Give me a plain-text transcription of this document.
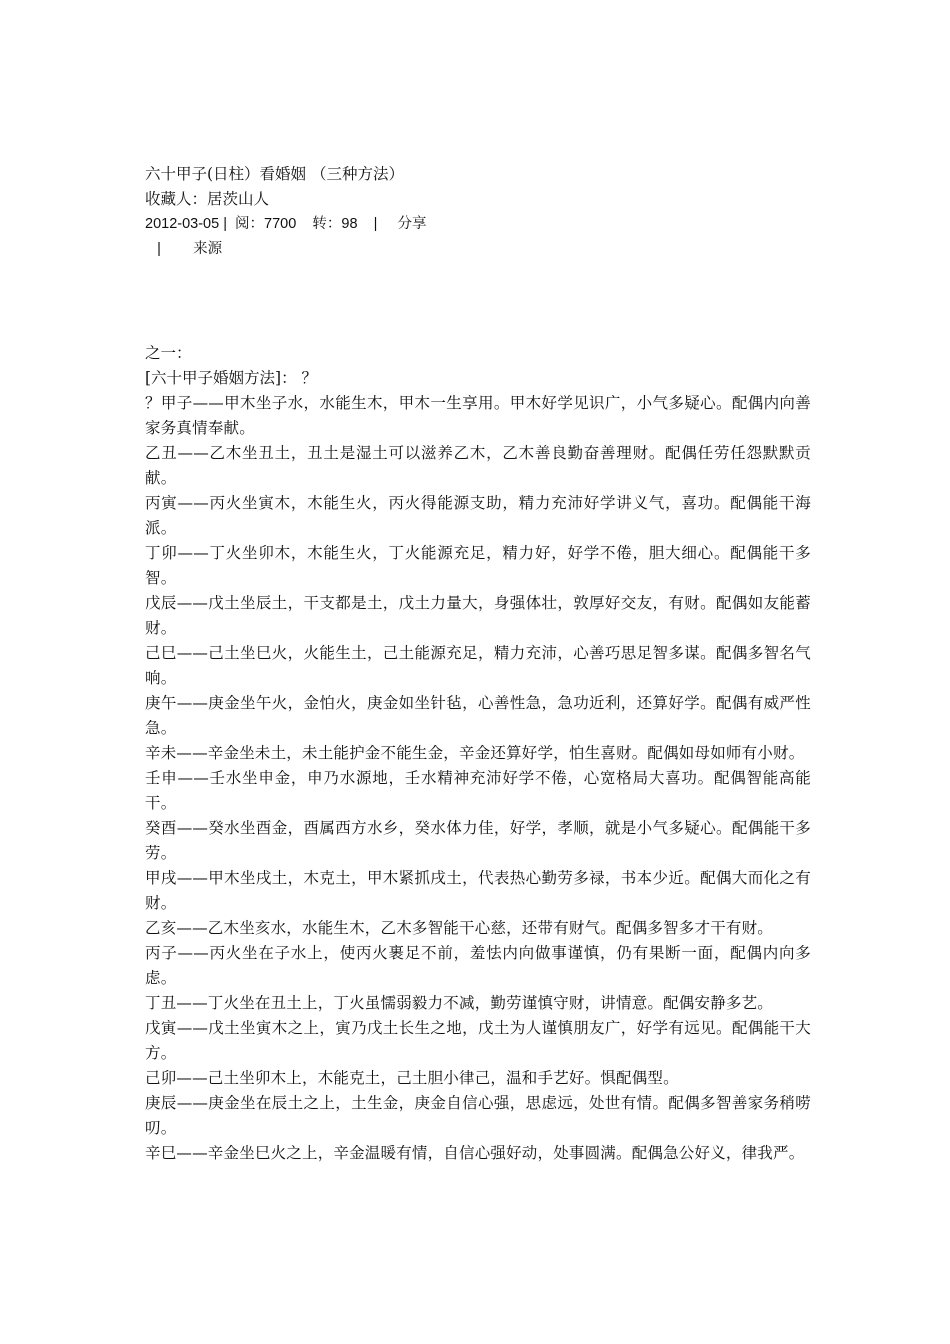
六十甲子(日柱）看婚姻 （三种方法）
收藏人：居茨山人
2012-03-05 |  阅：7700    转：98    |     分享
|        来源
之一：
[六十甲子婚姻方法]： ？

？甲子——甲木坐子水，水能生木，甲木一生享用。甲木好学见识广，小气多疑心。配偶内向善家务真情奉献。

乙丑——乙木坐丑土，丑土是湿土可以滋养乙木，乙木善良勤奋善理财。配偶任劳任怨默默贡献。

丙寅——丙火坐寅木，木能生火，丙火得能源支助，精力充沛好学讲义气，喜功。配偶能干海派。

丁卯——丁火坐卯木，木能生火，丁火能源充足，精力好，好学不倦，胆大细心。配偶能干多智。

戊辰——戊土坐辰土，干支都是土，戊土力量大，身强体壮，敦厚好交友，有财。配偶如友能蓄财。

己巳——己土坐巳火，火能生土，己土能源充足，精力充沛，心善巧思足智多谋。配偶多智名气响。

庚午——庚金坐午火，金怕火，庚金如坐针毡，心善性急，急功近利，还算好学。配偶有威严性急。

辛未——辛金坐未土，未土能护金不能生金，辛金还算好学，怕生喜财。配偶如母如师有小财。

壬申——壬水坐申金，申乃水源地，壬水精神充沛好学不倦，心宽格局大喜功。配偶智能高能干。

癸酉——癸水坐酉金，酉属西方水乡，癸水体力佳，好学，孝顺，就是小气多疑心。配偶能干多劳。

甲戌——甲木坐戌土，木克土，甲木紧抓戌土，代表热心勤劳多禄，书本少近。配偶大而化之有财。

乙亥——乙木坐亥水，水能生木，乙木多智能干心慈，还带有财气。配偶多智多才干有财。

丙子——丙火坐在子水上，使丙火裹足不前，羞怯内向做事谨慎，仍有果断一面，配偶内向多虑。

丁丑——丁火坐在丑土上，丁火虽懦弱毅力不减，勤劳谨慎守财，讲情意。配偶安静多艺。

戊寅——戊土坐寅木之上，寅乃戊土长生之地，戊土为人谨慎朋友广，好学有远见。配偶能干大方。

己卯——己土坐卯木上，木能克土，己土胆小律己，温和手艺好。惧配偶型。

庚辰——庚金坐在辰土之上，土生金，庚金自信心强，思虑远，处世有情。配偶多智善家务稍唠叨。

辛巳——辛金坐巳火之上，辛金温暖有情，自信心强好动，处事圆满。配偶急公好义，律我严。
